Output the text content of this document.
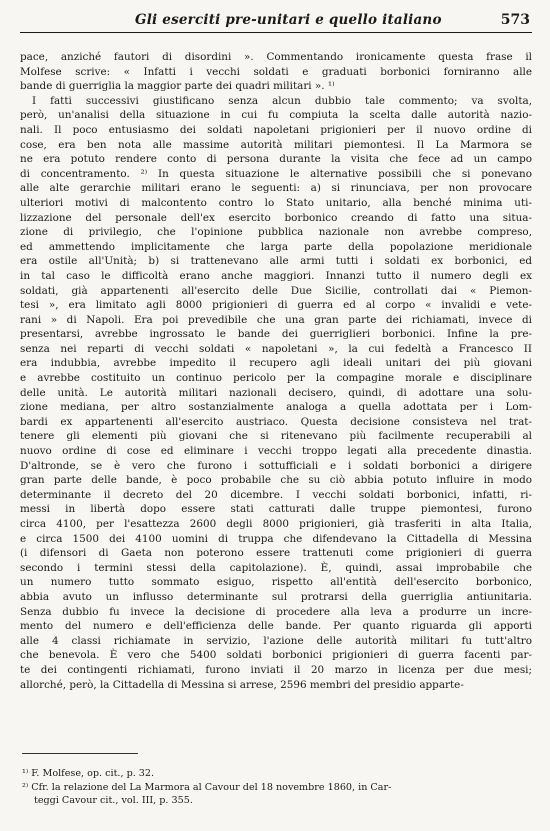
Gli eserciti pre-unitari e quello italiano	573
pace, anziché fautori di disordini ». Commentando ironicamente questa frase il
Molfese scrive: « Infatti i vecchi soldati e graduati borbonici forniranno alle
bande di guerriglia la maggior parte dei quadri militari ». ¹⁾
I fatti successivi giustificano senza alcun dubbio tale commento; va svolta,
però, un'analisi della situazione in cui fu compiuta la scelta dalle autorità nazio-
nali. Il poco entusiasmo dei soldati napoletani prigionieri per il nuovo ordine di
cose, era ben nota alle massime autorità militari piemontesi. Il La Marmora se
ne era potuto rendere conto di persona durante la visita che fece ad un campo
di concentramento. ²⁾ In questa situazione le alternative possibili che si ponevano
alle alte gerarchie militari erano le seguenti: a) si rinunciava, per non provocare
ulteriori motivi di malcontento contro lo Stato unitario, alla benché minima uti-
lizzazione del personale dell'ex esercito borbonico creando di fatto una situa-
zione di privilegio, che l'opinione pubblica nazionale non avrebbe compreso,
ed ammettendo implicitamente che larga parte della popolazione meridionale
era ostile all'Unità; b) si trattenevano alle armi tutti i soldati ex borbonici, ed
in tal caso le difficoltà erano anche maggiori. Innanzi tutto il numero degli ex
soldati, già appartenenti all'esercito delle Due Sicilie, controllati dai « Piemon-
tesi », era limitato agli 8000 prigionieri di guerra ed al corpo « invalidi e vete-
rani » di Napoli. Era poi prevedibile che una gran parte dei richiamati, invece di
presentarsi, avrebbe ingrossato le bande dei guerriglieri borbonici. Infine la pre-
senza nei reparti di vecchi soldati « napoletani », la cui fedeltà a Francesco II
era indubbia, avrebbe impedito il recupero agli ideali unitari dei più giovani
e avrebbe costituito un continuo pericolo per la compagine morale e disciplinare
delle unità. Le autorità militari nazionali decisero, quindi, di adottare una solu-
zione mediana, per altro sostanzialmente analoga a quella adottata per i Lom-
bardi ex appartenenti all'esercito austriaco. Questa decisione consisteva nel trat-
tenere gli elementi più giovani che si ritenevano più facilmente recuperabili al
nuovo ordine di cose ed eliminare i vecchi troppo legati alla precedente dinastia.
D'altronde, se è vero che furono i sottufficiali e i soldati borbonici a dirigere
gran parte delle bande, è poco probabile che su ciò abbia potuto influire in modo
determinante il decreto del 20 dicembre. I vecchi soldati borbonici, infatti, ri-
messi in libertà dopo essere stati catturati dalle truppe piemontesi, furono
circa 4100, per l'esattezza 2600 degli 8000 prigionieri, già trasferiti in alta Italia,
e circa 1500 dei 4100 uomini di truppa che difendevano la Cittadella di Messina
(i difensori di Gaeta non poterono essere trattenuti come prigionieri di guerra
secondo i termini stessi della capitolazione). È, quindi, assai improbabile che
un numero tutto sommato esiguo, rispetto all'entità dell'esercito borbonico,
abbia avuto un influsso determinante sul protrarsi della guerriglia antiunitaria.
Senza dubbio fu invece la decisione di procedere alla leva a produrre un incre-
mento del numero e dell'efficienza delle bande. Per quanto riguarda gli apporti
alle 4 classi richiamate in servizio, l'azione delle autorità militari fu tutt'altro
che benevola. È vero che 5400 soldati borbonici prigionieri di guerra facenti par-
te dei contingenti richiamati, furono inviati il 20 marzo in licenza per due mesi;
allorché, però, la Cittadella di Messina si arrese, 2596 membri del presidio apparte-
¹⁾ F. Molfese, op. cit., p. 32.
²⁾ Cfr. la relazione del La Marmora al Cavour del 18 novembre 1860, in Car-
teggi Cavour cit., vol. III, p. 355.
